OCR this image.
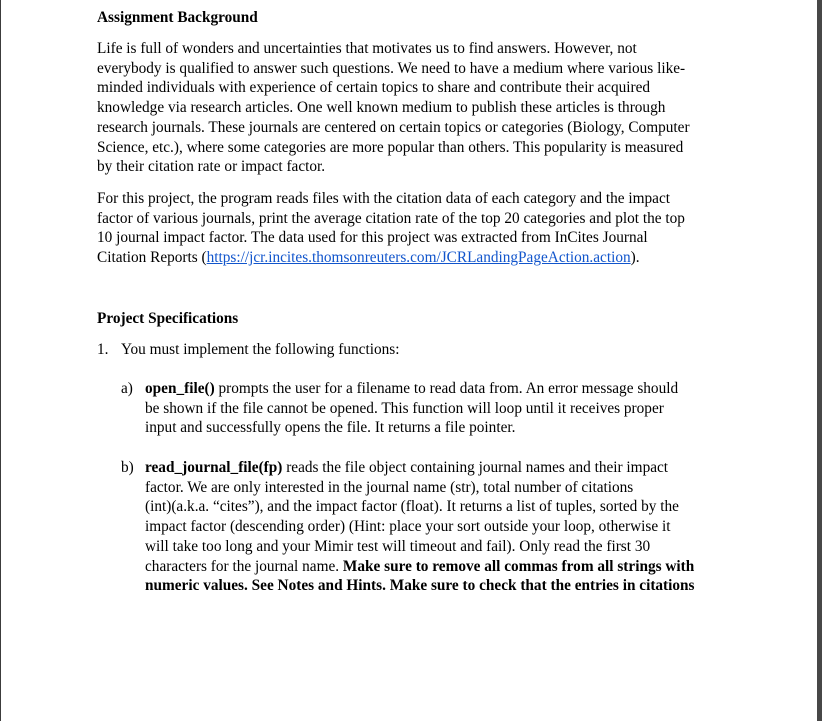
Assignment Background
Life is full of wonders and uncertainties that motivates us to find answers. However, not
everybody is qualified to answer such questions. We need to have a medium where various like-
minded individuals with experience of certain topics to share and contribute their acquired
knowledge via research articles. One well known medium to publish these articles is through
research journals. These journals are centered on certain topics or categories (Biology, Computer
Science, etc.), where some categories are more popular than others. This popularity is measured
by their citation rate or impact factor.
For this project, the program reads files with the citation data of each category and the impact
factor of various journals, print the average citation rate of the top 20 categories and plot the top
10 journal impact factor. The data used for this project was extracted from InCites Journal
Citation Reports (https://jcr.incites.thomsonreuters.com/JCRLandingPageAction.action).
Project Specifications
1. You must implement the following functions:
a) open_file() prompts the user for a filename to read data from. An error message should
be shown if the file cannot be opened. This function will loop until it receives proper
input and successfully opens the file. It returns a file pointer.
b) read_journal_file(fp) reads the file object containing journal names and their impact
factor. We are only interested in the journal name (str), total number of citations
(int)(a.k.a. “cites”), and the impact factor (float). It returns a list of tuples, sorted by the
impact factor (descending order) (Hint: place your sort outside your loop, otherwise it
will take too long and your Mimir test will timeout and fail). Only read the first 30
characters for the journal name. Make sure to remove all commas from all strings with
numeric values. See Notes and Hints. Make sure to check that the entries in citations
